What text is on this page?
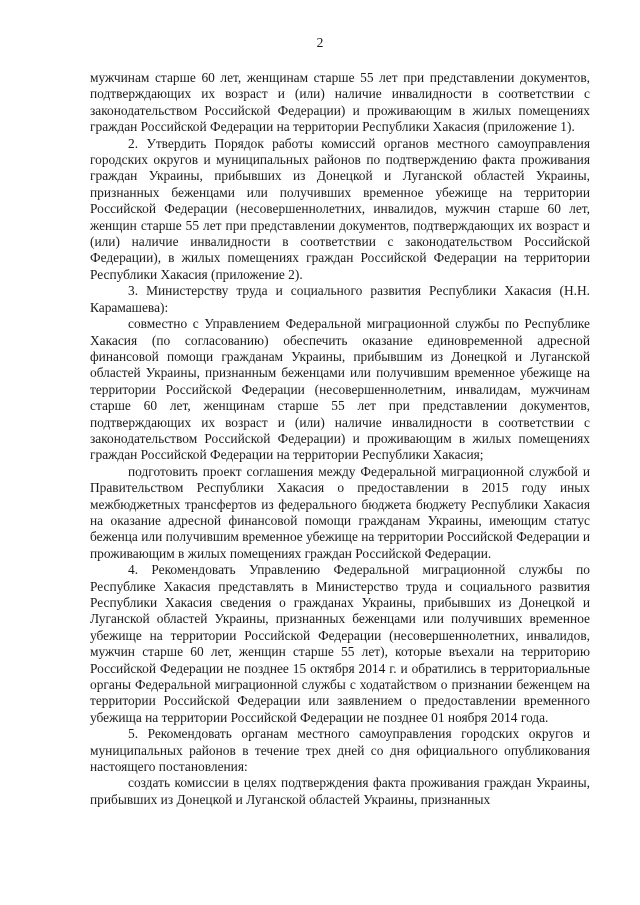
2

мужчинам старше 60 лет, женщинам старше 55 лет при представлении документов, подтверждающих их возраст и (или) наличие инвалидности в соответствии с законодательством Российской Федерации) и проживающим в жилых помещениях граждан Российской Федерации на территории Республики Хакасия (приложение 1).

2. Утвердить Порядок работы комиссий органов местного самоуправления городских округов и муниципальных районов по подтверждению факта проживания граждан Украины, прибывших из Донецкой и Луганской областей Украины, признанных беженцами или получивших временное убежище на территории Российской Федерации (несовершеннолетних, инвалидов, мужчин старше 60 лет, женщин старше 55 лет при представлении документов, подтверждающих их возраст и (или) наличие инвалидности в соответствии с законодательством Российской Федерации), в жилых помещениях граждан Российской Федерации на территории Республики Хакасия (приложение 2).

3. Министерству труда и социального развития Республики Хакасия (Н.Н. Карамашева):

совместно с Управлением Федеральной миграционной службы по Республике Хакасия (по согласованию) обеспечить оказание единовременной адресной финансовой помощи гражданам Украины, прибывшим из Донецкой и Луганской областей Украины, признанным беженцами или получившим временное убежище на территории Российской Федерации (несовершеннолетним, инвалидам, мужчинам старше 60 лет, женщинам старше 55 лет при представлении документов, подтверждающих их возраст и (или) наличие инвалидности в соответствии с законодательством Российской Федерации) и проживающим в жилых помещениях граждан Российской Федерации на территории Республики Хакасия;

подготовить проект соглашения между Федеральной миграционной службой и Правительством Республики Хакасия о предоставлении в 2015 году иных межбюджетных трансфертов из федерального бюджета бюджету Республики Хакасия на оказание адресной финансовой помощи гражданам Украины, имеющим статус беженца или получившим временное убежище на территории Российской Федерации и проживающим в жилых помещениях граждан Российской Федерации.

4. Рекомендовать Управлению Федеральной миграционной службы по Республике Хакасия представлять в Министерство труда и социального развития Республики Хакасия сведения о гражданах Украины, прибывших из Донецкой и Луганской областей Украины, признанных беженцами или получивших временное убежище на территории Российской Федерации (несовершеннолетних, инвалидов, мужчин старше 60 лет, женщин старше 55 лет), которые въехали на территорию Российской Федерации не позднее 15 октября 2014 г. и обратились в территориальные органы Федеральной миграционной службы с ходатайством о признании беженцем на территории Российской Федерации или заявлением о предоставлении временного убежища на территории Российской Федерации не позднее 01 ноября 2014 года.

5. Рекомендовать органам местного самоуправления городских округов и муниципальных районов в течение трех дней со дня официального опубликования настоящего постановления:

создать комиссии в целях подтверждения факта проживания граждан Украины, прибывших из Донецкой и Луганской областей Украины, признанных
